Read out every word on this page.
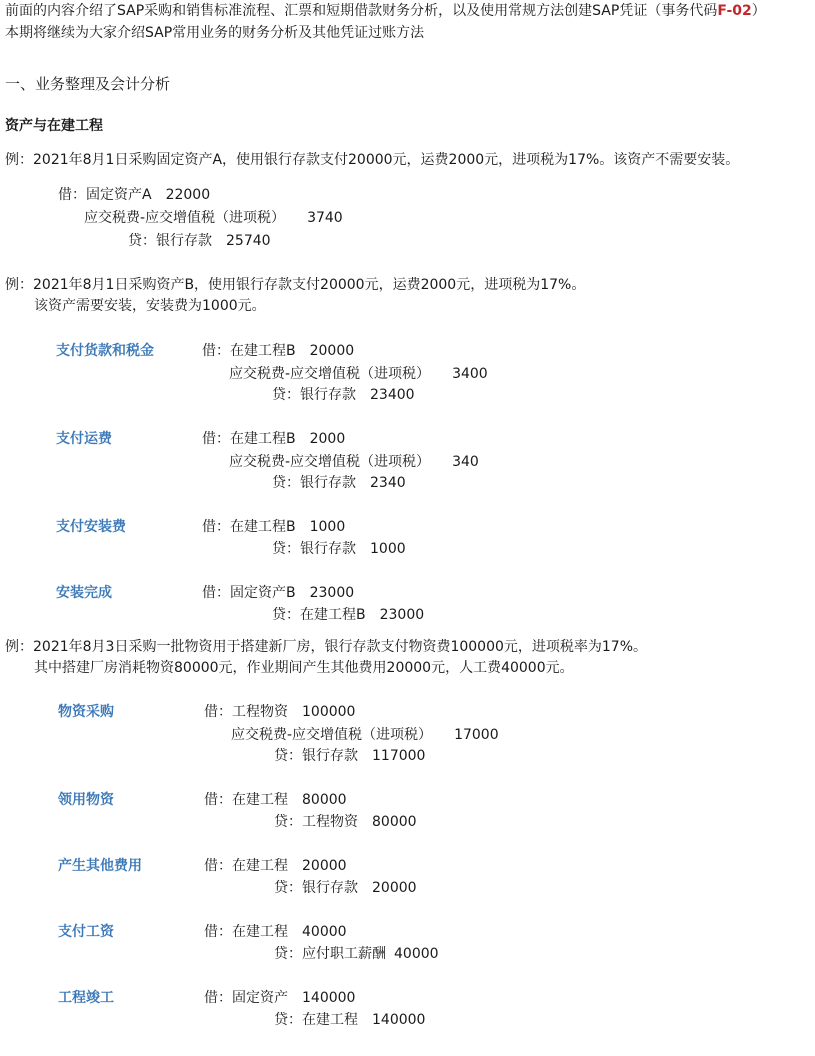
前面的内容介绍了SAP采购和销售标准流程、汇票和短期借款财务分析，以及使用常规方法创建SAP凭证（事务代码F-02）
本期将继续为大家介绍SAP常用业务的财务分析及其他凭证过账方法
一、业务整理及会计分析
资产与在建工程
例：2021年8月1日采购固定资产A，使用银行存款支付20000元，运费2000元，进项税为17%。该资产不需要安装。
借：固定资产A 22000
应交税费-应交增值税（进项税） 3740
贷：银行存款 25740
例：2021年8月1日采购资产B，使用银行存款支付20000元，运费2000元，进项税为17%。
该资产需要安装，安装费为1000元。
支付货款和税金	借：在建工程B 20000
应交税费-应交增值税（进项税） 3400
贷：银行存款 23400
支付运费	借：在建工程B 2000
应交税费-应交增值税（进项税） 340
贷：银行存款 2340
支付安装费	借：在建工程B 1000
贷：银行存款 1000
安装完成	借：固定资产B 23000
贷：在建工程B 23000
例：2021年8月3日采购一批物资用于搭建新厂房，银行存款支付物资费100000元，进项税率为17%。
其中搭建厂房消耗物资80000元，作业期间产生其他费用20000元，人工费40000元。
物资采购	借：工程物资 100000
应交税费-应交增值税（进项税） 17000
贷：银行存款 117000
领用物资	借：在建工程 80000
贷：工程物资 80000
产生其他费用	借：在建工程 20000
贷：银行存款 20000
支付工资	借：在建工程 40000
贷：应付职工薪酬 40000
工程竣工	借：固定资产 140000
贷：在建工程 140000
